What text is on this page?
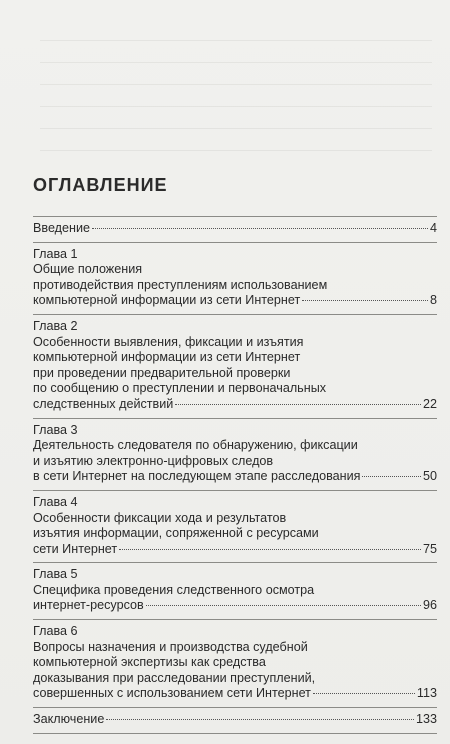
ОГЛАВЛЕНИЕ
Введение	4
Глава 1
Общие положения
противодействия преступлениям использованием
компьютерной информации из сети Интернет	8
Глава 2
Особенности выявления, фиксации и изъятия
компьютерной информации из сети Интернет
при проведении предварительной проверки
по сообщению о преступлении и первоначальных
следственных действий	22
Глава 3
Деятельность следователя по обнаружению, фиксации
и изъятию электронно-цифровых следов
в сети Интернет на последующем этапе расследования	50
Глава 4
Особенности фиксации хода и результатов
изъятия информации, сопряженной с ресурсами
сети Интернет	75
Глава 5
Специфика проведения следственного осмотра
интернет-ресурсов	96
Глава 6
Вопросы назначения и производства судебной
компьютерной экспертизы как средства
доказывания при расследовании преступлений,
совершенных с использованием сети Интернет	113
Заключение	133
